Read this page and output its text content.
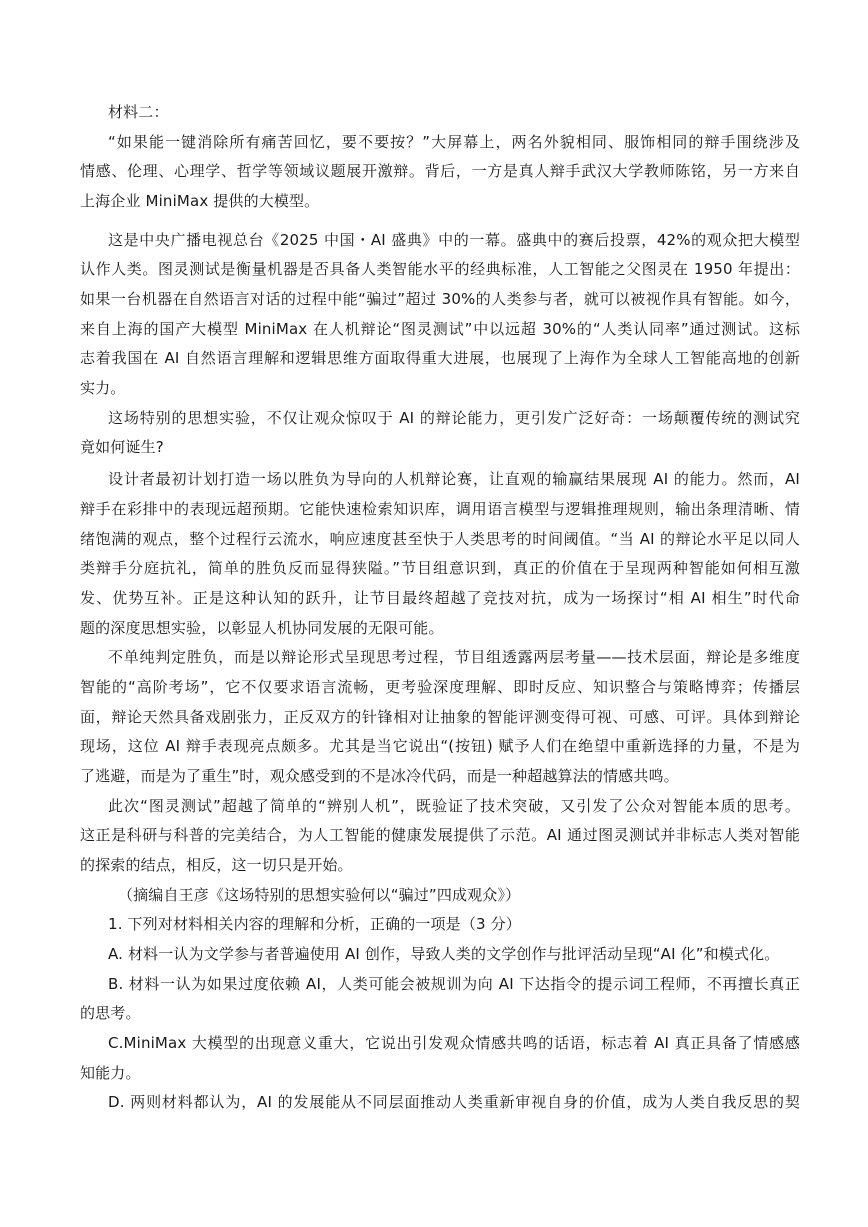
材料二：
“如果能一键消除所有痛苦回忆，要不要按？”大屏幕上，两名外貌相同、服饰相同的辩手围绕涉及
情感、伦理、心理学、哲学等领域议题展开激辩。背后，一方是真人辩手武汉大学教师陈铭，另一方来自
上海企业 MiniMax 提供的大模型。
这是中央广播电视总台《2025 中国・AI 盛典》中的一幕。盛典中的赛后投票，42%的观众把大模型
认作人类。图灵测试是衡量机器是否具备人类智能水平的经典标准，人工智能之父图灵在 1950 年提出：
如果一台机器在自然语言对话的过程中能“骗过”超过 30%的人类参与者，就可以被视作具有智能。如今，
来自上海的国产大模型 MiniMax 在人机辩论“图灵测试”中以远超 30%的“人类认同率”通过测试。这标
志着我国在 AI 自然语言理解和逻辑思维方面取得重大进展，也展现了上海作为全球人工智能高地的创新
实力。
这场特别的思想实验，不仅让观众惊叹于 AI 的辩论能力，更引发广泛好奇：一场颠覆传统的测试究
竟如何诞生?
设计者最初计划打造一场以胜负为导向的人机辩论赛，让直观的输赢结果展现 AI 的能力。然而，AI
辩手在彩排中的表现远超预期。它能快速检索知识库，调用语言模型与逻辑推理规则，输出条理清晰、情
绪饱满的观点，整个过程行云流水，响应速度甚至快于人类思考的时间阈值。“当 AI 的辩论水平足以同人
类辩手分庭抗礼，简单的胜负反而显得狭隘。”节目组意识到，真正的价值在于呈现两种智能如何相互激
发、优势互补。正是这种认知的跃升，让节目最终超越了竞技对抗，成为一场探讨“相 AI 相生”时代命
题的深度思想实验，以彰显人机协同发展的无限可能。
不单纯判定胜负，而是以辩论形式呈现思考过程，节目组透露两层考量——技术层面，辩论是多维度
智能的“高阶考场”，它不仅要求语言流畅，更考验深度理解、即时反应、知识整合与策略博弈；传播层
面，辩论天然具备戏剧张力，正反双方的针锋相对让抽象的智能评测变得可视、可感、可评。具体到辩论
现场，这位 AI 辩手表现亮点颇多。尤其是当它说出“(按钮) 赋予人们在绝望中重新选择的力量，不是为
了逃避，而是为了重生”时，观众感受到的不是冰冷代码，而是一种超越算法的情感共鸣。
此次“图灵测试”超越了简单的“辨别人机”，既验证了技术突破，又引发了公众对智能本质的思考。
这正是科研与科普的完美结合，为人工智能的健康发展提供了示范。AI 通过图灵测试并非标志人类对智能
的探索的结点，相反，这一切只是开始。
（摘编自王彦《这场特别的思想实验何以“骗过”四成观众》）
1. 下列对材料相关内容的理解和分析，正确的一项是（3 分）
A. 材料一认为文学参与者普遍使用 AI 创作，导致人类的文学创作与批评活动呈现“AI 化”和模式化。
B. 材料一认为如果过度依赖 AI，人类可能会被规训为向 AI 下达指令的提示词工程师，不再擅长真正
的思考。
C.MiniMax 大模型的出现意义重大，它说出引发观众情感共鸣的话语，标志着 AI 真正具备了情感感
知能力。
D. 两则材料都认为，AI 的发展能从不同层面推动人类重新审视自身的价值，成为人类自我反思的契
